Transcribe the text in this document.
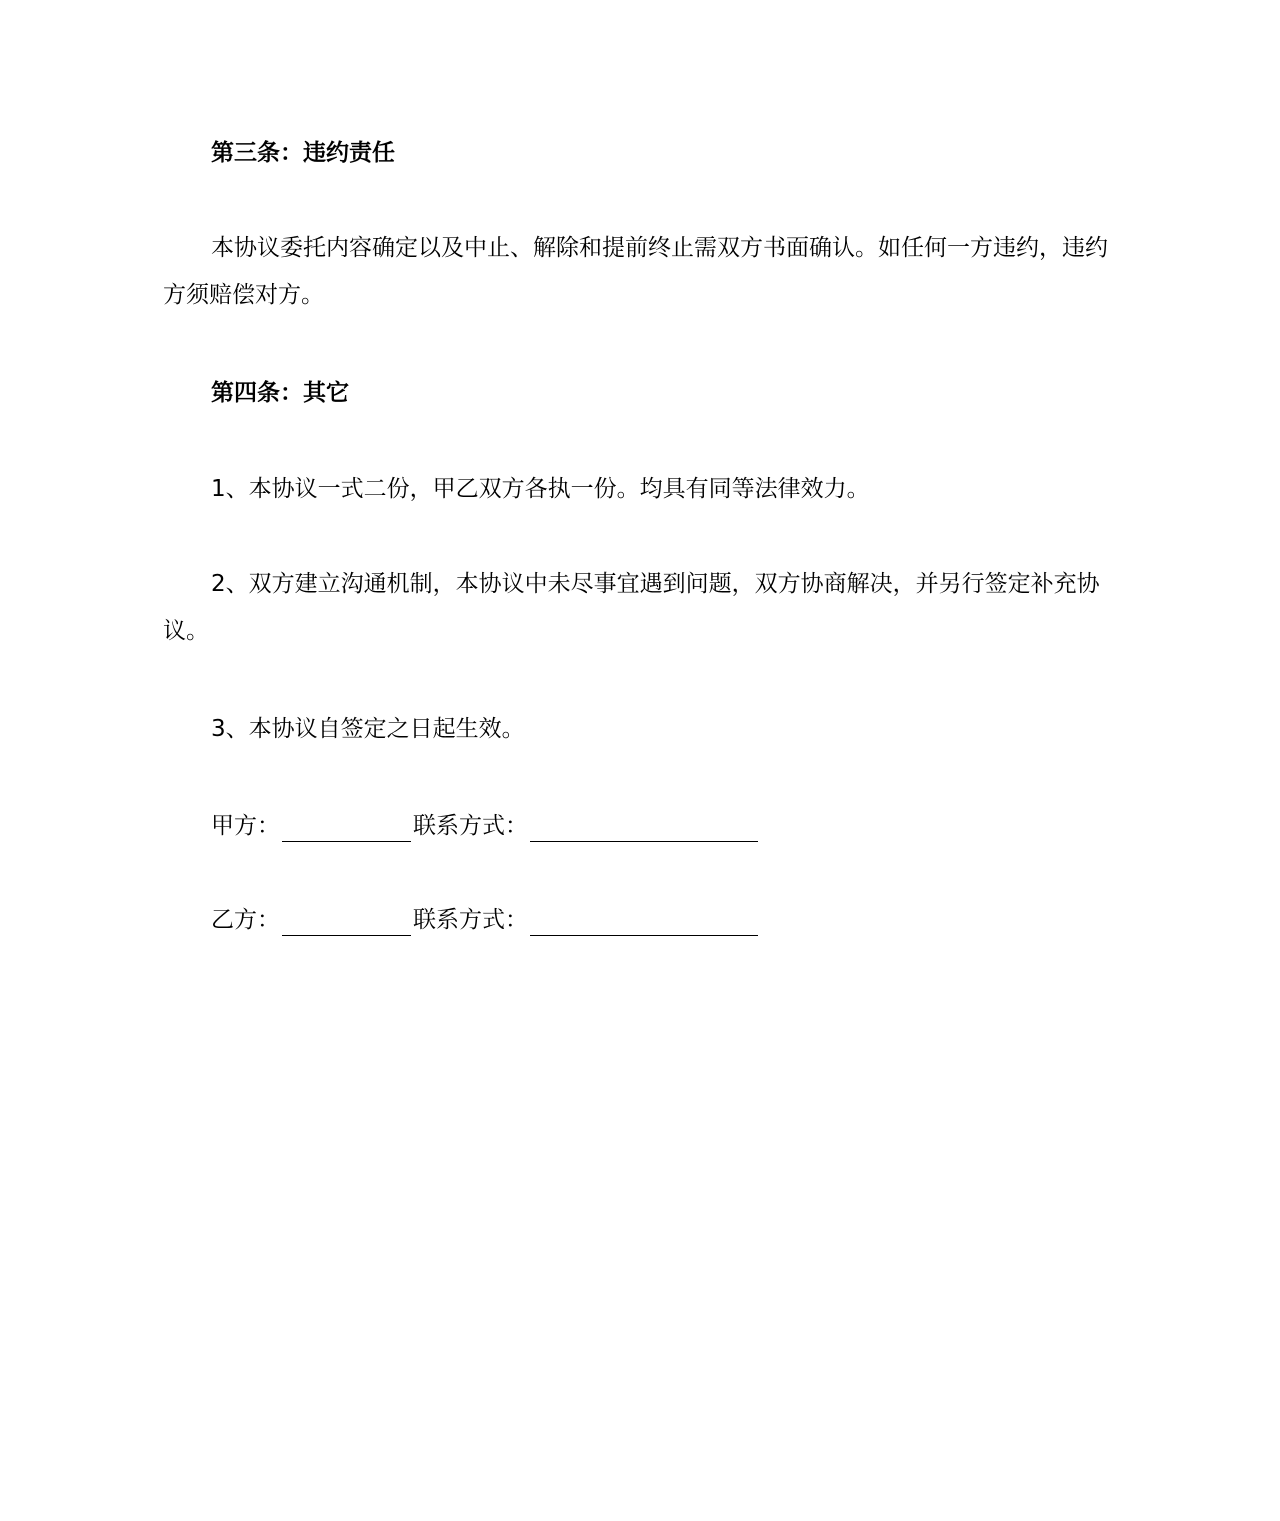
第三条：违约责任

本协议委托内容确定以及中止、解除和提前终止需双方书面确认。如任何一方违约，违约方须赔偿对方。

第四条：其它

1、本协议一式二份，甲乙双方各执一份。均具有同等法律效力。

2、双方建立沟通机制，本协议中未尽事宜遇到问题，双方协商解决，并另行签定补充协议。

3、本协议自签定之日起生效。

甲方：	联系方式：
乙方：	联系方式：
